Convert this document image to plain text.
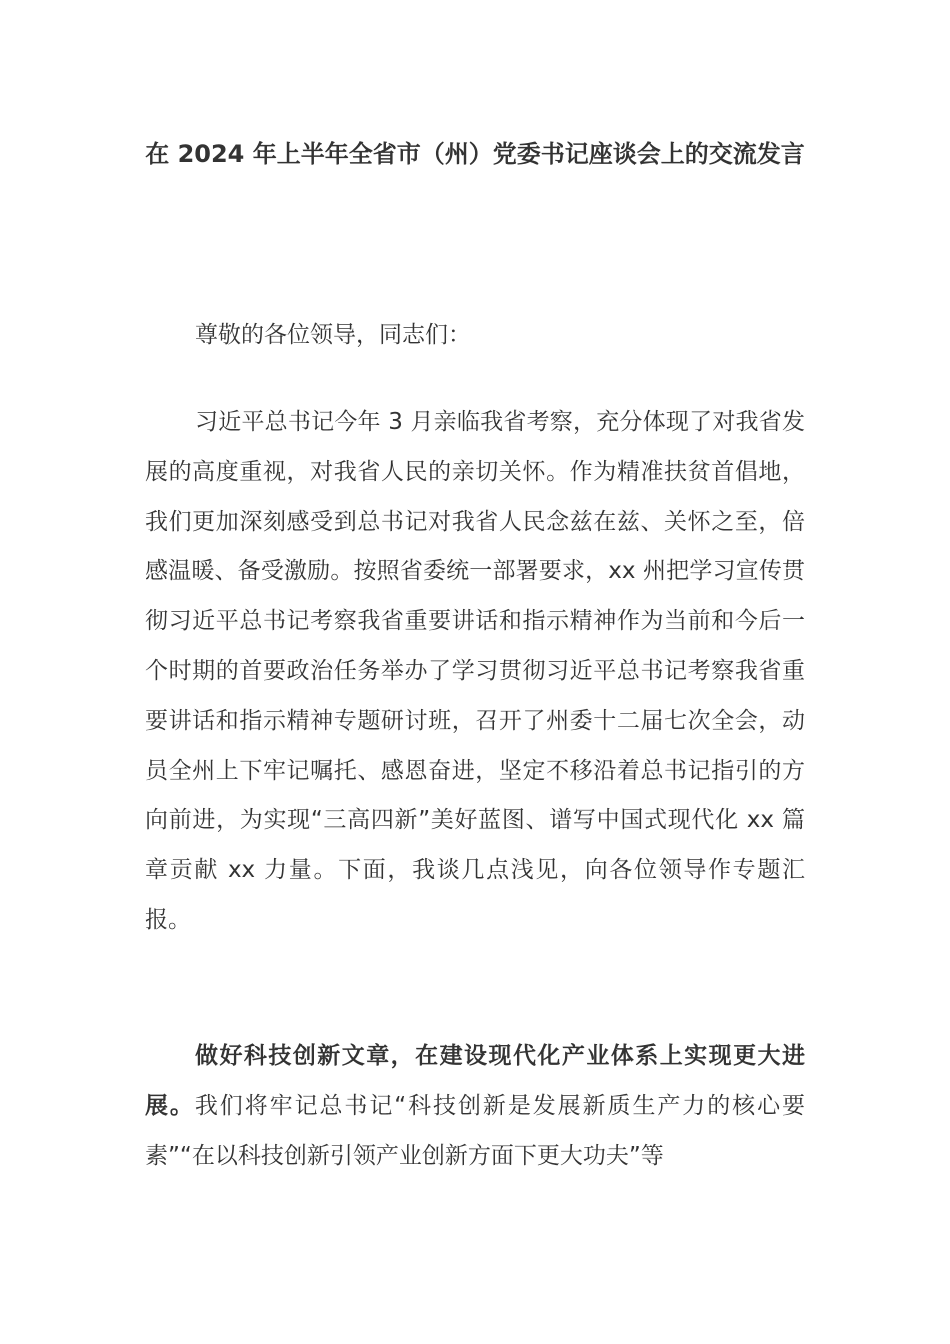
在 2024 年上半年全省市（州）党委书记座谈会上的交流发言
尊敬的各位领导，同志们：
习近平总书记今年 3 月亲临我省考察，充分体现了对我省发展的高度重视，对我省人民的亲切关怀。作为精准扶贫首倡地，我们更加深刻感受到总书记对我省人民念兹在兹、关怀之至，倍感温暖、备受激励。按照省委统一部署要求，xx 州把学习宣传贯彻习近平总书记考察我省重要讲话和指示精神作为当前和今后一个时期的首要政治任务举办了学习贯彻习近平总书记考察我省重要讲话和指示精神专题研讨班，召开了州委十二届七次全会，动员全州上下牢记嘱托、感恩奋进，坚定不移沿着总书记指引的方向前进，为实现“三高四新”美好蓝图、谱写中国式现代化 xx 篇章贡献 xx 力量。下面，我谈几点浅见，向各位领导作专题汇报。
做好科技创新文章，在建设现代化产业体系上实现更大进展。我们将牢记总书记“科技创新是发展新质生产力的核心要素”“在以科技创新引领产业创新方面下更大功夫”等
